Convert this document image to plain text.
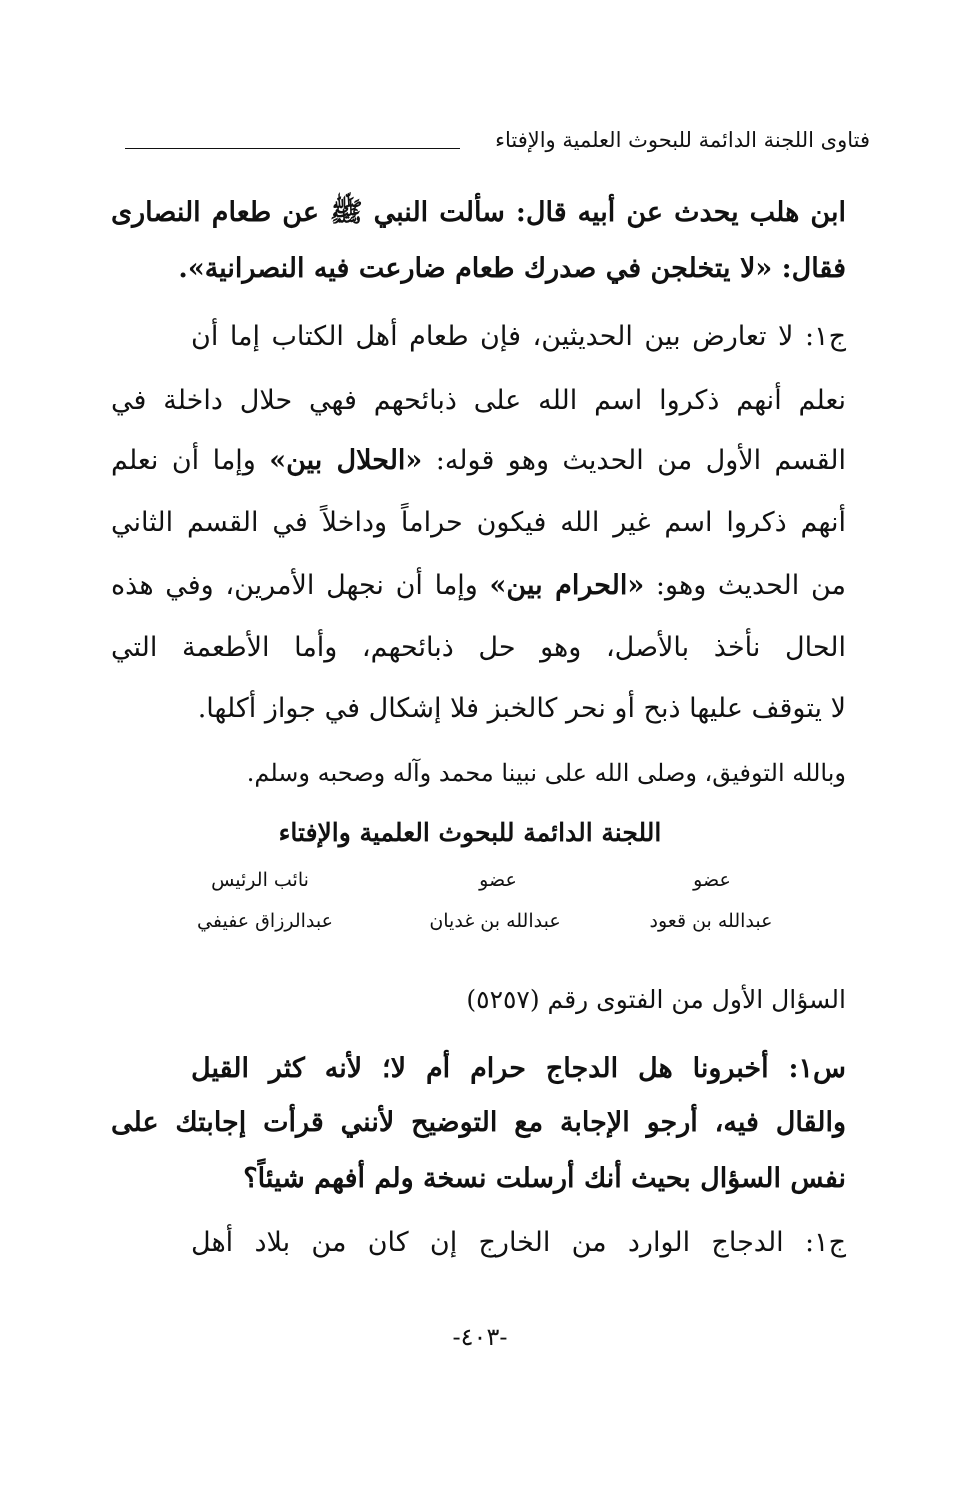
فتاوى اللجنة الدائمة للبحوث العلمية والإفتاء
ابن هلب يحدث عن أبيه قال: سألت النبي ﷺ عن طعام النصارى
فقال: «لا يتخلجن في صدرك طعام ضارعت فيه النصرانية».
ج١: لا تعارض بين الحديثين، فإن طعام أهل الكتاب إما أن
نعلم أنهم ذكروا اسم الله على ذبائحهم فهي حلال داخلة في
القسم الأول من الحديث وهو قوله: «الحلال بين» وإما أن نعلم
أنهم ذكروا اسم غير الله فيكون حراماً وداخلاً في القسم الثاني
من الحديث وهو: «الحرام بين» وإما أن نجهل الأمرين، وفي هذه
الحال نأخذ بالأصل، وهو حل ذبائحهم، وأما الأطعمة التي
لا يتوقف عليها ذبح أو نحر كالخبز فلا إشكال في جواز أكلها.
وبالله التوفيق، وصلى الله على نبينا محمد وآله وصحبه وسلم.
اللجنة الدائمة للبحوث العلمية والإفتاء
عضو
عضو
نائب الرئيس
عبدالله بن قعود
عبدالله بن غديان
عبدالرزاق عفيفي
السؤال الأول من الفتوى رقم (٥٢٥٧)
س١: أخبرونا هل الدجاج حرام أم لا؛ لأنه كثر القيل
والقال فيه، أرجو الإجابة مع التوضيح لأنني قرأت إجابتك على
نفس السؤال بحيث أنك أرسلت نسخة ولم أفهم شيئاً؟
ج١: الدجاج الوارد من الخارج إن كان من بلاد أهل
-٤٠٣-
